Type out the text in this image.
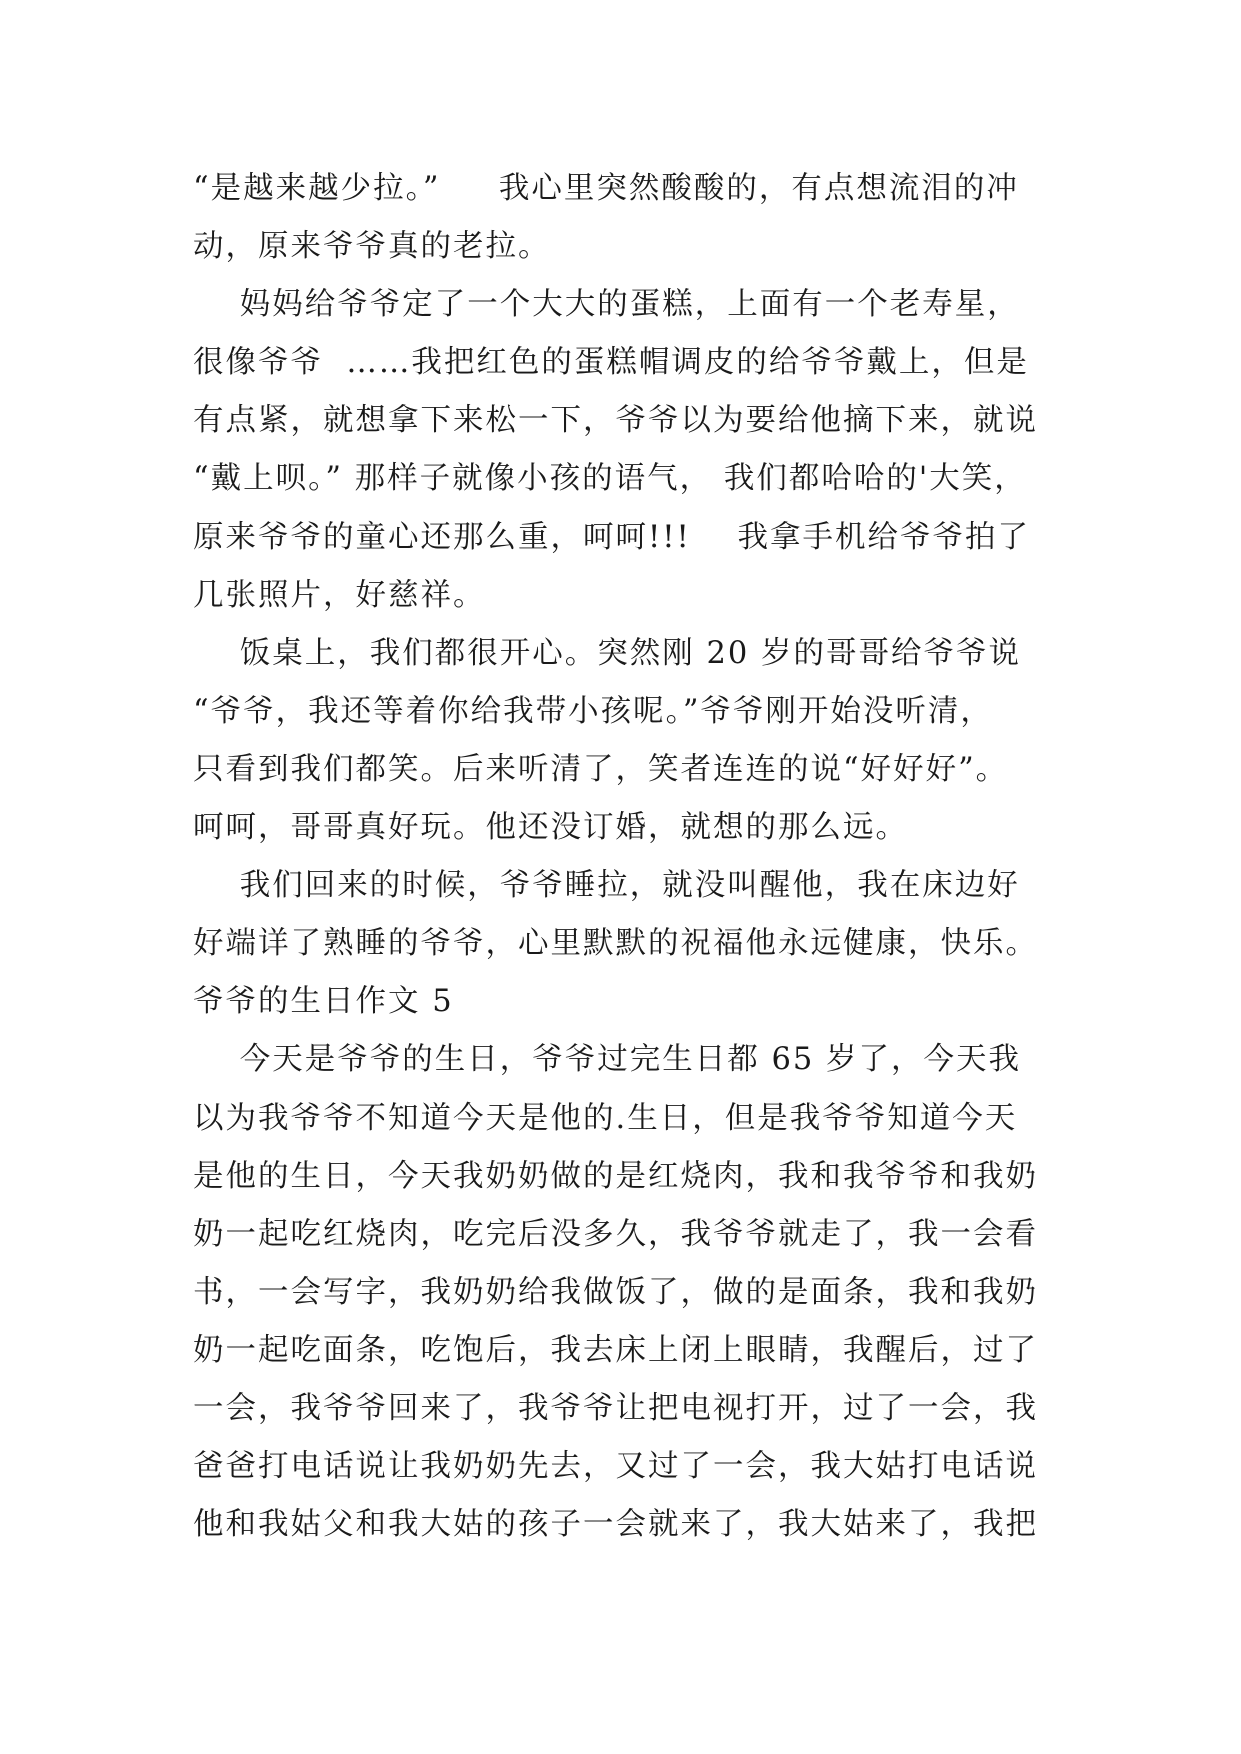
“是越来越少拉。”     我心里突然酸酸的，有点想流泪的冲
动，原来爷爷真的老拉。
妈妈给爷爷定了一个大大的蛋糕，上面有一个老寿星，
很像爷爷  ……我把红色的蛋糕帽调皮的给爷爷戴上，但是
有点紧，就想拿下来松一下，爷爷以为要给他摘下来，就说
“戴上呗。” 那样子就像小孩的语气， 我们都哈哈的'大笑，
原来爷爷的童心还那么重，呵呵!!!    我拿手机给爷爷拍了
几张照片，好慈祥。
饭桌上，我们都很开心。突然刚 20 岁的哥哥给爷爷说
“爷爷，我还等着你给我带小孩呢。”爷爷刚开始没听清，
只看到我们都笑。后来听清了，笑者连连的说“好好好”。
呵呵，哥哥真好玩。他还没订婚，就想的那么远。
我们回来的时候，爷爷睡拉，就没叫醒他，我在床边好
好端详了熟睡的爷爷，心里默默的祝福他永远健康，快乐。
爷爷的生日作文 5
今天是爷爷的生日，爷爷过完生日都 65 岁了，今天我
以为我爷爷不知道今天是他的.生日，但是我爷爷知道今天
是他的生日，今天我奶奶做的是红烧肉，我和我爷爷和我奶
奶一起吃红烧肉，吃完后没多久，我爷爷就走了，我一会看
书，一会写字，我奶奶给我做饭了，做的是面条，我和我奶
奶一起吃面条，吃饱后，我去床上闭上眼睛，我醒后，过了
一会，我爷爷回来了，我爷爷让把电视打开，过了一会，我
爸爸打电话说让我奶奶先去，又过了一会，我大姑打电话说
他和我姑父和我大姑的孩子一会就来了，我大姑来了，我把
